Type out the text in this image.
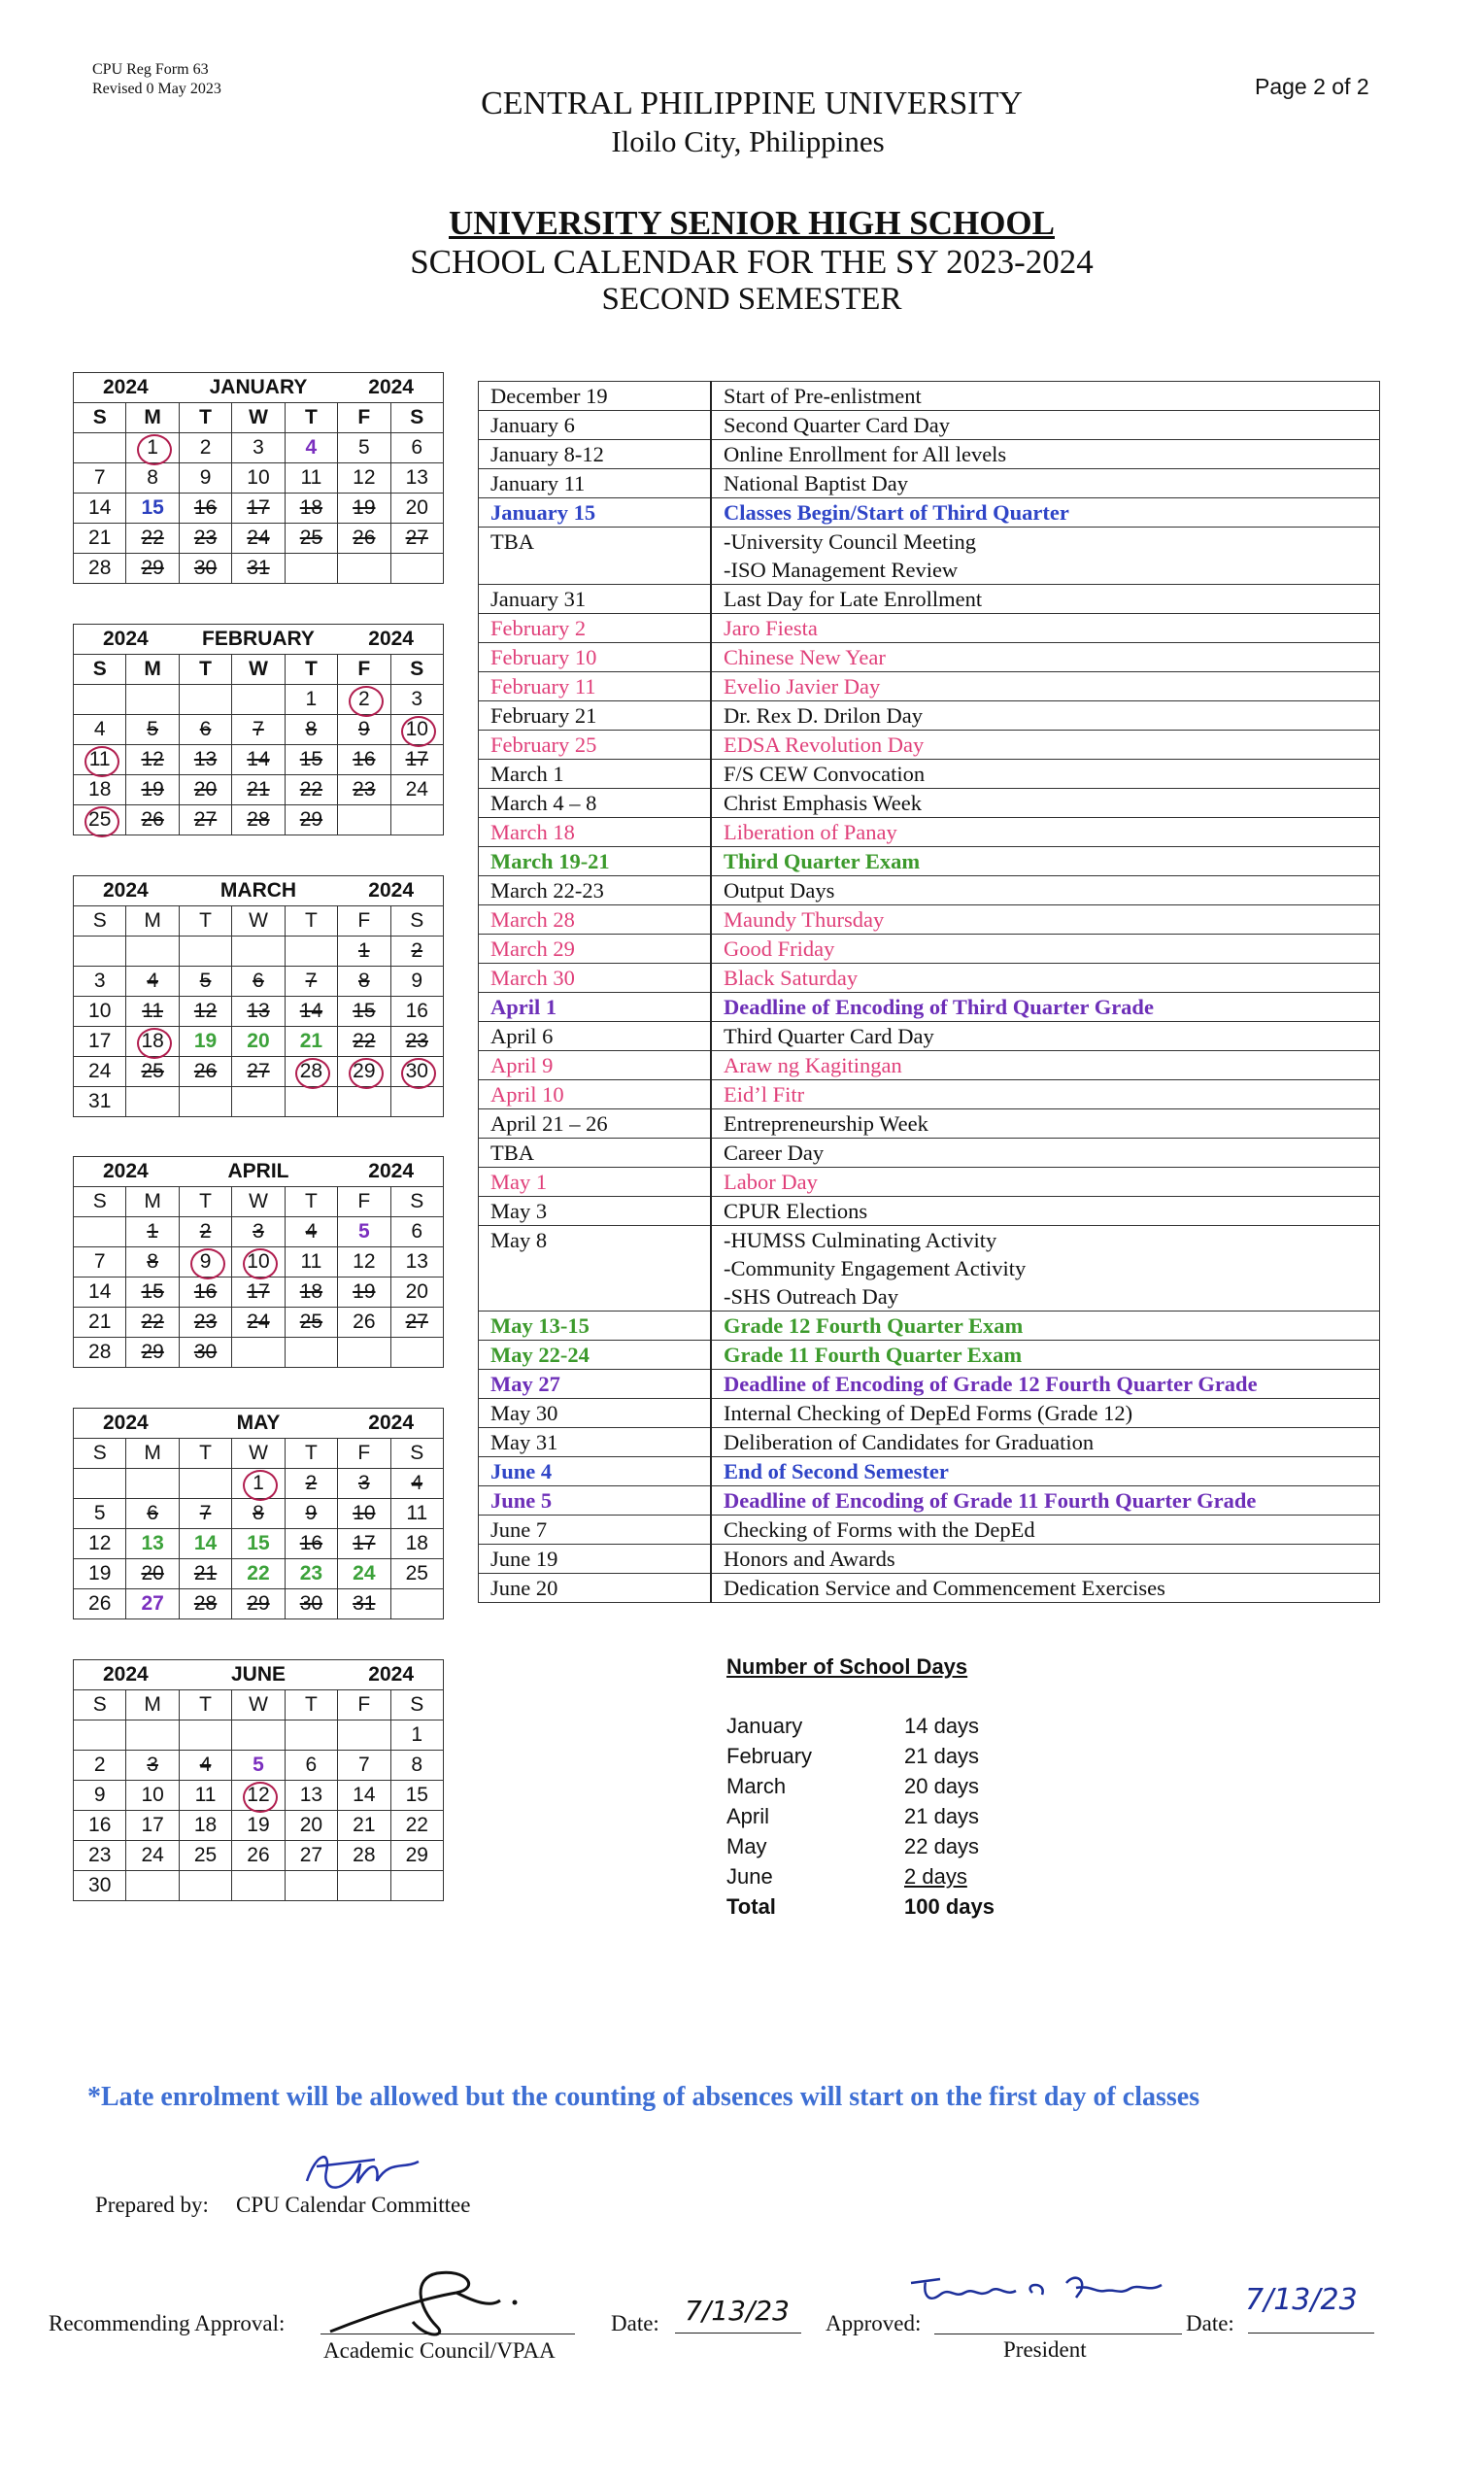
CPU Reg Form 63
Revised 0 May 2023	Page 2 of 2
CENTRAL PHILIPPINE UNIVERSITY
Iloilo City, Philippines
UNIVERSITY SENIOR HIGH SCHOOL
SCHOOL CALENDAR FOR THE SY 2023-2024
SECOND SEMESTER
2024 JANUARY 2024						

S	M	T	W	T	F	S
	1	2	3	4	5	6
7	8	9	10	11	12	13
14	15	16	17	18	19	20
21	22	23	24	25	26	27
28	29	30	31			
2024 FEBRUARY 2024						

S	M	T	W	T	F	S
				1	2	3
4	5	6	7	8	9	10
11	12	13	14	15	16	17
18	19	20	21	22	23	24
25	26	27	28	29		
2024 MARCH 2024						

S	M	T	W	T	F	S
					1	2
3	4	5	6	7	8	9
10	11	12	13	14	15	16
17	18	19	20	21	22	23
24	25	26	27	28	29	30
31						
2024 APRIL 2024						

S	M	T	W	T	F	S
	1	2	3	4	5	6
7	8	9	10	11	12	13
14	15	16	17	18	19	20
21	22	23	24	25	26	27
28	29	30				
2024 MAY 2024						

S	M	T	W	T	F	S
			1	2	3	4
5	6	7	8	9	10	11
12	13	14	15	16	17	18
19	20	21	22	23	24	25
26	27	28	29	30	31	
2024 JUNE 2024						

S	M	T	W	T	F	S
						1
2	3	4	5	6	7	8
9	10	11	12	13	14	15
16	17	18	19	20	21	22
23	24	25	26	27	28	29
30						
December 19	Start of Pre-enlistment

January 6	Second Quarter Card Day

January 8-12	Online Enrollment for All levels

January 11	National Baptist Day

January 15	Classes Begin/Start of Third Quarter

TBA	-University Council Meeting
-ISO Management Review

January 31	Last Day for Late Enrollment

February 2	Jaro Fiesta

February 10	Chinese New Year

February 11	Evelio Javier Day

February 21	Dr. Rex D. Drilon Day

February 25	EDSA Revolution Day

March 1	F/S CEW Convocation

March 4 – 8	Christ Emphasis Week

March 18	Liberation of Panay

March 19-21	Third Quarter Exam

March 22-23	Output Days

March 28	Maundy Thursday

March 29	Good Friday

March 30	Black Saturday

April 1	Deadline of Encoding of Third Quarter Grade

April 6	Third Quarter Card Day

April 9	Araw ng Kagitingan

April 10	Eid’l Fitr

April 21 – 26	Entrepreneurship Week

TBA	Career Day

May 1	Labor Day

May 3	CPUR Elections

May 8	-HUMSS Culminating Activity
-Community Engagement Activity
-SHS Outreach Day

May 13-15	Grade 12 Fourth Quarter Exam

May 22-24	Grade 11 Fourth Quarter Exam

May 27	Deadline of Encoding of Grade 12 Fourth Quarter Grade

May 30	Internal Checking of DepEd Forms (Grade 12)

May 31	Deliberation of Candidates for Graduation

June 4	End of Second Semester

June 5	Deadline of Encoding of Grade 11 Fourth Quarter Grade

June 7	Checking of Forms with the DepEd

June 19	Honors and Awards

June 20	Dedication Service and Commencement Exercises
Number of School Days
January	14 days
February	21 days
March	20 days
April	21 days
May	22 days
June	2 days
Total	100 days
*Late enrolment will be allowed but the counting of absences will start on the first day of classes
Prepared by: CPU Calendar Committee
Recommending Approval:
Academic Council/VPAA
Date: 7/13/23 Approved:
President
Date:
7/13/23
